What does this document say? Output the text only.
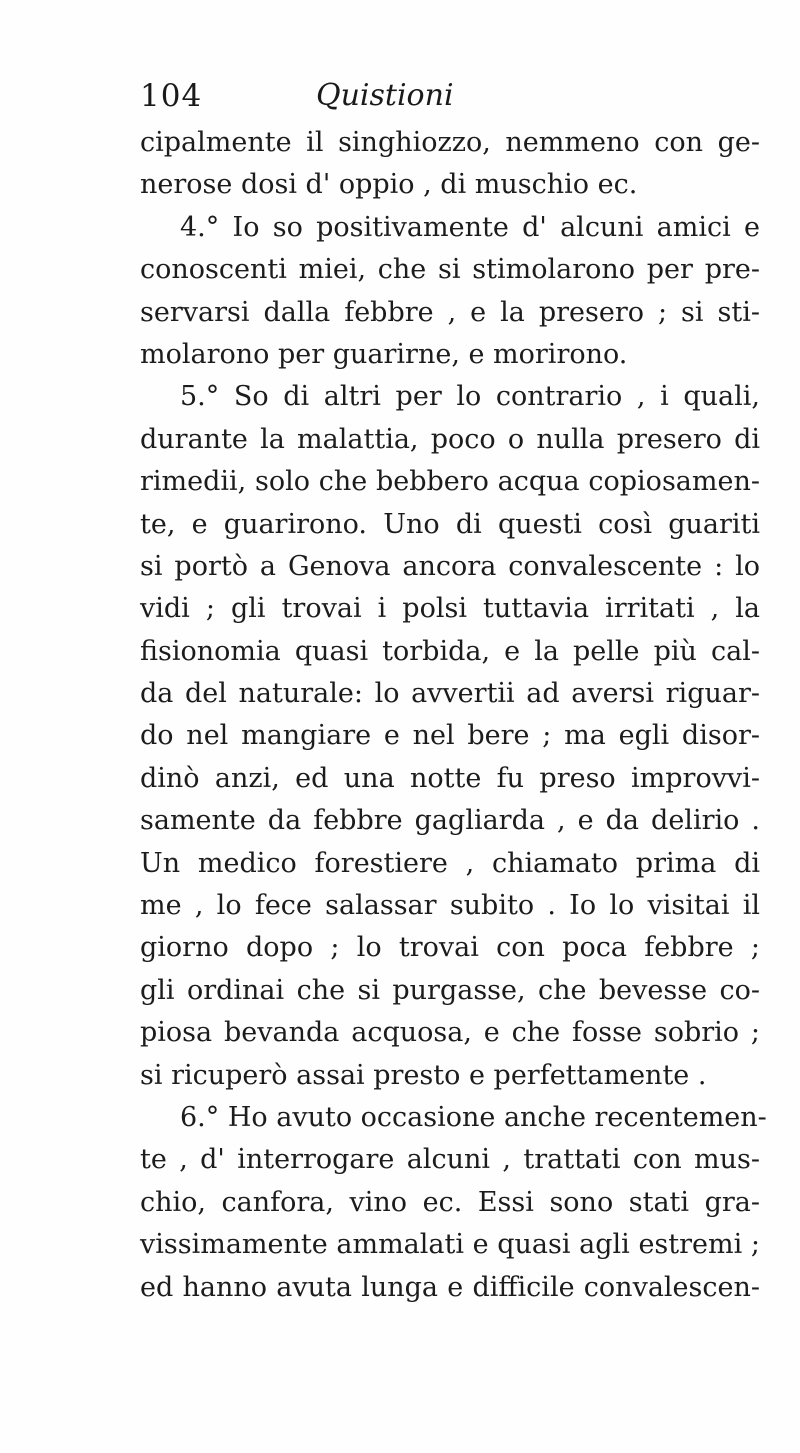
104	Quistioni
cipalmente il singhiozzo, nemmeno con ge-
nerose dosi d' oppio , di muschio ec.
4.° Io so positivamente d' alcuni amici e
conoscenti miei, che si stimolarono per pre-
servarsi dalla febbre , e la presero ; si sti-
molarono per guarirne, e morirono.
5.° So di altri per lo contrario , i quali,
durante la malattia, poco o nulla presero di
rimedii, solo che bebbero acqua copiosamen-
te, e guarirono. Uno di questi così guariti
si portò a Genova ancora convalescente : lo
vidi ; gli trovai i polsi tuttavia irritati , la
fisionomia quasi torbida, e la pelle più cal-
da del naturale: lo avvertii ad aversi riguar-
do nel mangiare e nel bere ; ma egli disor-
dinò anzi, ed una notte fu preso improvvi-
samente da febbre gagliarda , e da delirio .
Un medico forestiere , chiamato prima di
me , lo fece salassar subito . Io lo visitai il
giorno dopo ; lo trovai con poca febbre ;
gli ordinai che si purgasse, che bevesse co-
piosa bevanda acquosa, e che fosse sobrio ;
si ricuperò assai presto e perfettamente .
6.° Ho avuto occasione anche recentemen-
te , d' interrogare alcuni , trattati con mus-
chio, canfora, vino ec. Essi sono stati gra-
vissimamente ammalati e quasi agli estremi ;
ed hanno avuta lunga e difficile convalescen-
